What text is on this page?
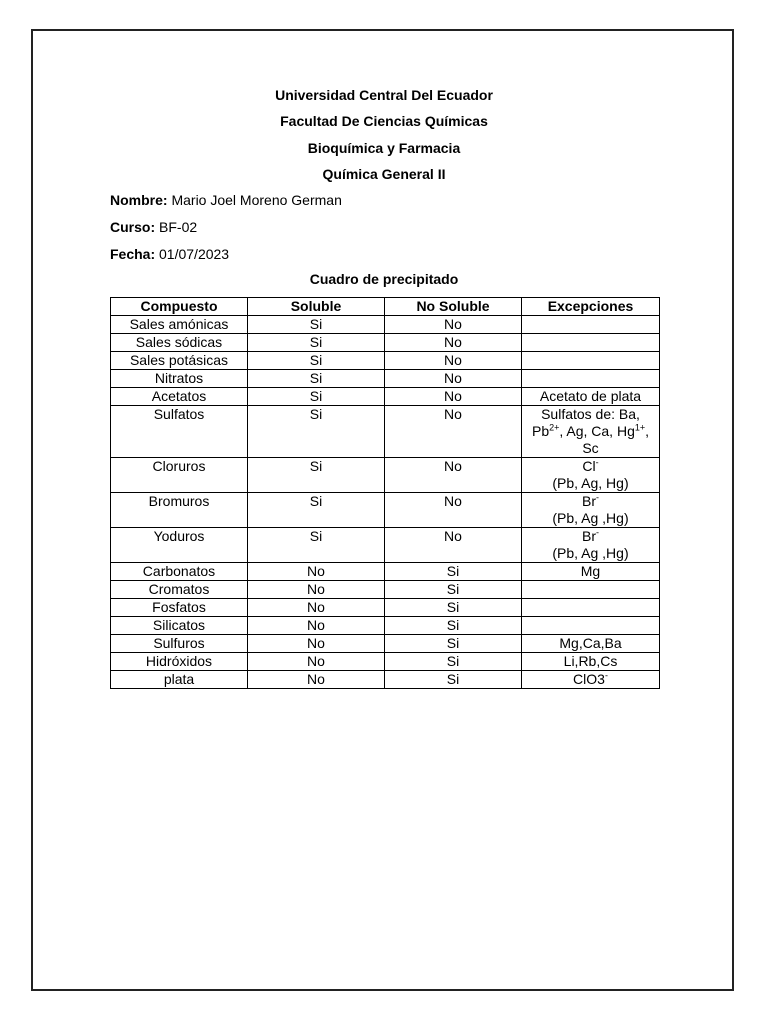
Universidad Central Del Ecuador
Facultad De Ciencias Químicas
Bioquímica y Farmacia
Química General II
Nombre: Mario Joel Moreno German
Curso: BF-02
Fecha: 01/07/2023
Cuadro de precipitado
Compuesto	Soluble	No Soluble	Excepciones
Sales amónicas	Si	No	
Sales sódicas	Si	No	
Sales potásicas	Si	No	
Nitratos	Si	No	
Acetatos	Si	No	Acetato de plata
Sulfatos	Si	No	Sulfatos de: Ba, $Pb^{2+}$, Ag, Ca, $Hg^{1+}$, Sc
Cloruros	Si	No	Cl-
(Pb, Ag, Hg)
Bromuros	Si	No	Br-
(Pb, Ag ,Hg)
Yoduros	Si	No	Br-
(Pb, Ag ,Hg)
Carbonatos	No	Si	Mg
Cromatos	No	Si	
Fosfatos	No	Si	
Silicatos	No	Si	
Sulfuros	No	Si	Mg,Ca,Ba
Hidróxidos	No	Si	Li,Rb,Cs
plata	No	Si	ClO3-
